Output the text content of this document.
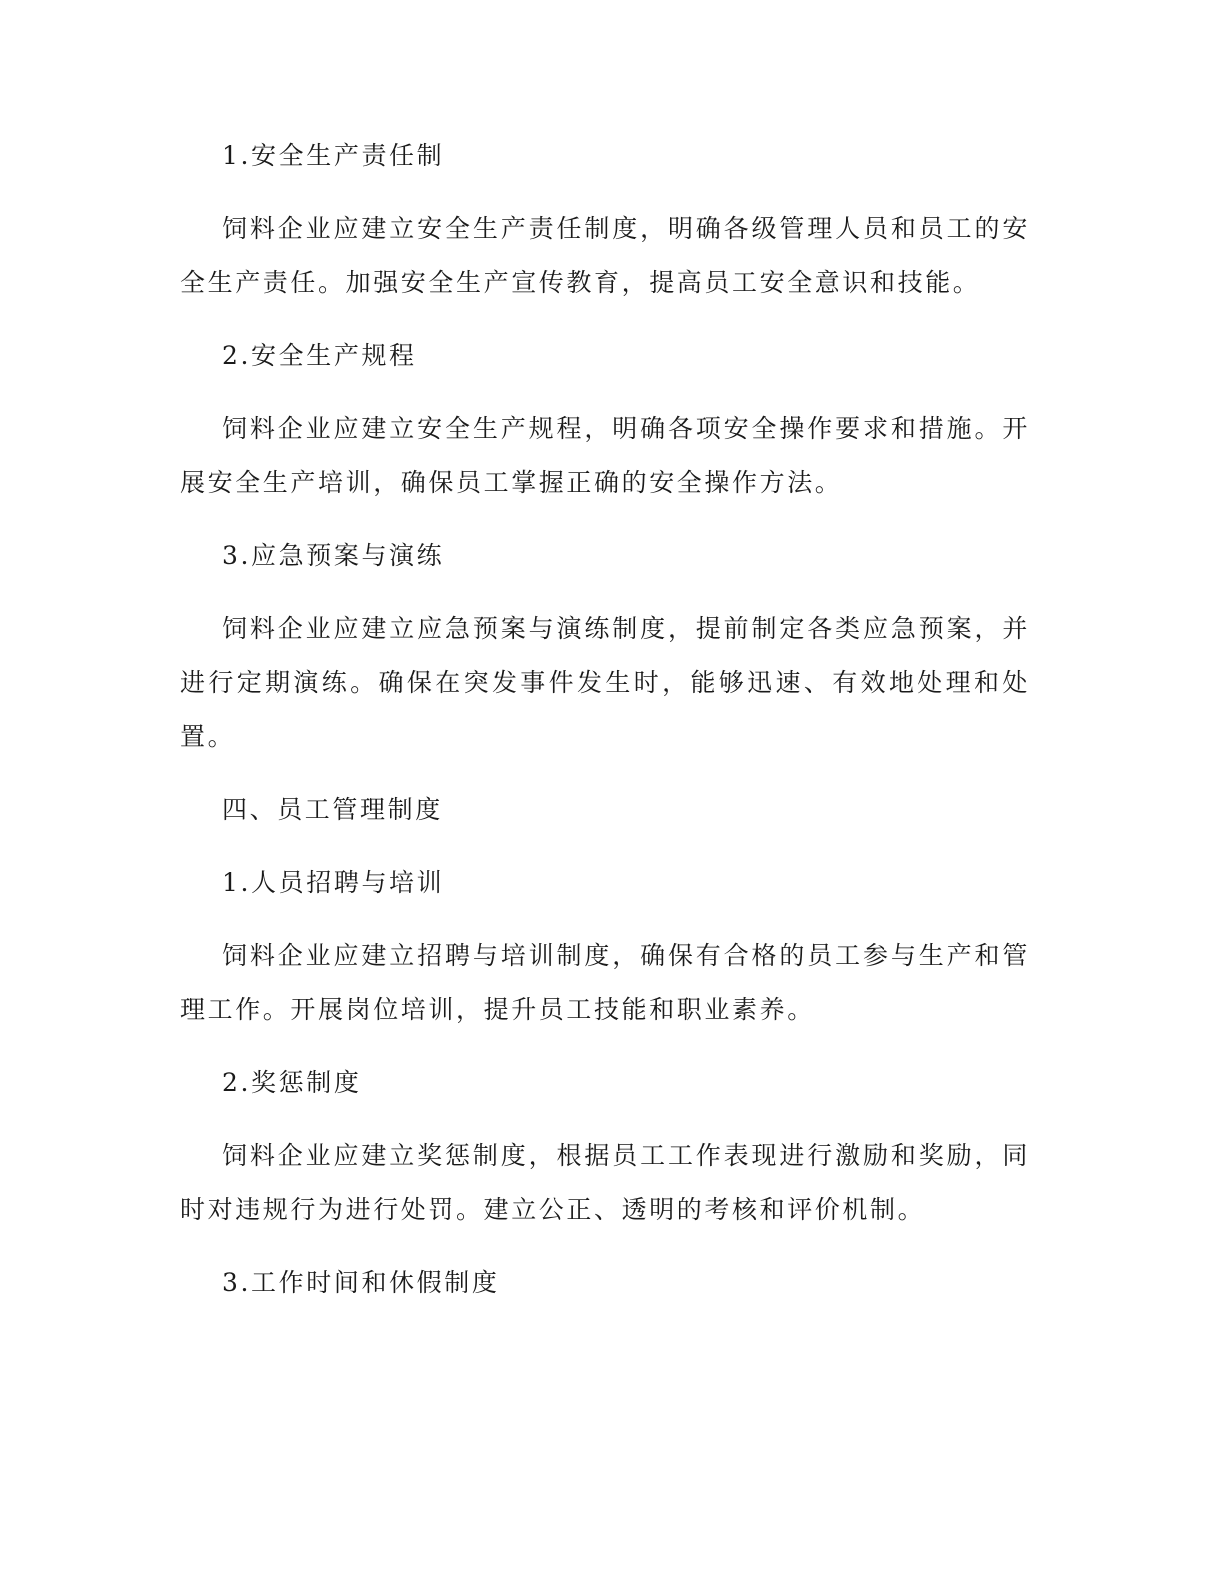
1.安全生产责任制

饲料企业应建立安全生产责任制度，明确各级管理人员和员工的安全生产责任。加强安全生产宣传教育，提高员工安全意识和技能。

2.安全生产规程

饲料企业应建立安全生产规程，明确各项安全操作要求和措施。开展安全生产培训，确保员工掌握正确的安全操作方法。

3.应急预案与演练

饲料企业应建立应急预案与演练制度，提前制定各类应急预案，并进行定期演练。确保在突发事件发生时，能够迅速、有效地处理和处置。

四、员工管理制度

1.人员招聘与培训

饲料企业应建立招聘与培训制度，确保有合格的员工参与生产和管理工作。开展岗位培训，提升员工技能和职业素养。

2.奖惩制度

饲料企业应建立奖惩制度，根据员工工作表现进行激励和奖励，同时对违规行为进行处罚。建立公正、透明的考核和评价机制。

3.工作时间和休假制度
